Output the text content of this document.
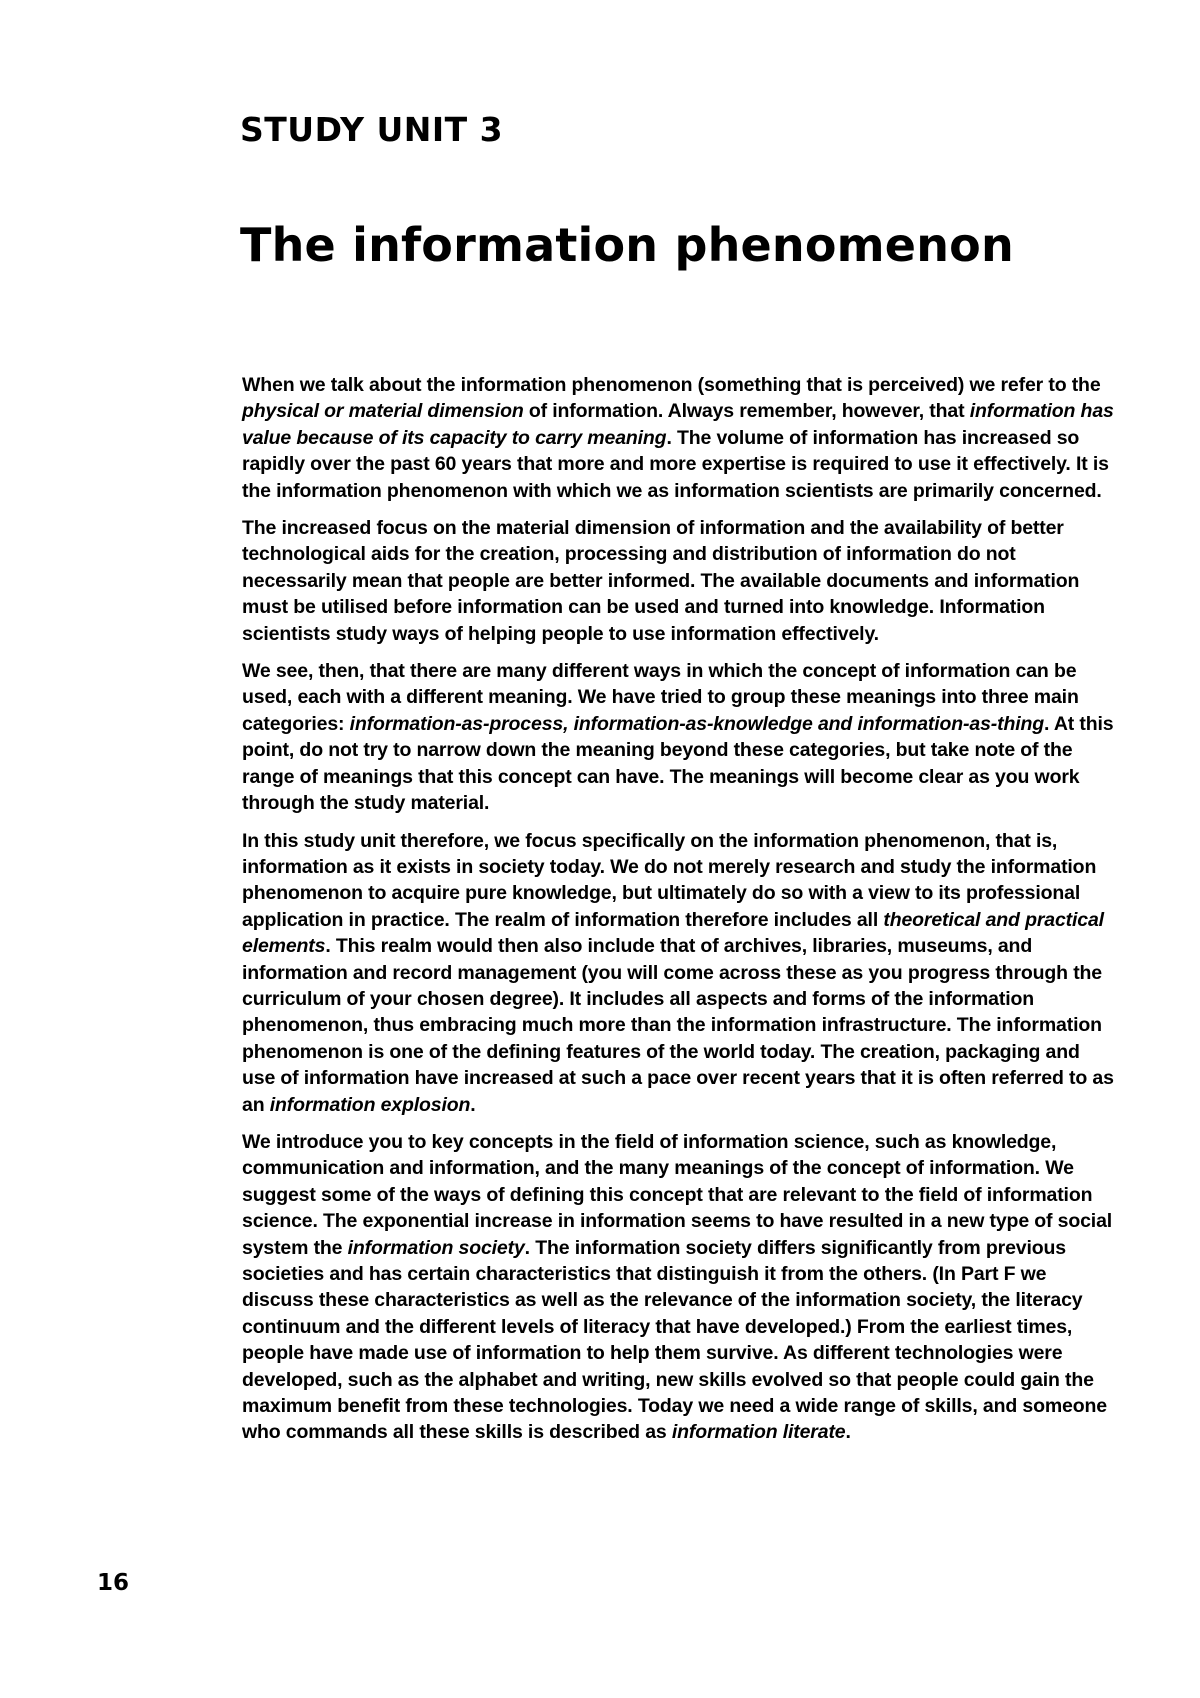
STUDY UNIT 3
The information phenomenon

When we talk about the information phenomenon (something that is perceived) we refer to the physical or material dimension of information. Always remember, however, that information has value because of its capacity to carry meaning. The volume of information has increased so rapidly over the past 60 years that more and more expertise is required to use it effectively. It is the information phenomenon with which we as information scientists are primarily concerned.

The increased focus on the material dimension of information and the availability of better technological aids for the creation, processing and distribution of information do not necessarily mean that people are better informed. The available documents and information must be utilised before information can be used and turned into knowledge. Information scientists study ways of helping people to use information effectively.

We see, then, that there are many different ways in which the concept of information can be used, each with a different meaning. We have tried to group these meanings into three main categories: information-as-process, information-as-knowledge and information-as-thing. At this point, do not try to narrow down the meaning beyond these categories, but take note of the range of meanings that this concept can have. The meanings will become clear as you work through the study material.

In this study unit therefore, we focus specifically on the information phenomenon, that is, information as it exists in society today. We do not merely research and study the information phenomenon to acquire pure knowledge, but ultimately do so with a view to its professional application in practice. The realm of information therefore includes all theoretical and practical elements. This realm would then also include that of archives, libraries, museums, and information and record management (you will come across these as you progress through the curriculum of your chosen degree). It includes all aspects and forms of the information phenomenon, thus embracing much more than the information infrastructure. The information phenomenon is one of the defining features of the world today. The creation, packaging and use of information have increased at such a pace over recent years that it is often referred to as an information explosion.

We introduce you to key concepts in the field of information science, such as knowledge, communication and information, and the many meanings of the concept of information. We suggest some of the ways of defining this concept that are relevant to the field of information science. The exponential increase in information seems to have resulted in a new type of social system the information society. The information society differs significantly from previous societies and has certain characteristics that distinguish it from the others. (In Part F we discuss these characteristics as well as the relevance of the information society, the literacy continuum and the different levels of literacy that have developed.) From the earliest times, people have made use of information to help them survive. As different technologies were developed, such as the alphabet and writing, new skills evolved so that people could gain the maximum benefit from these technologies. Today we need a wide range of skills, and someone who commands all these skills is described as information literate.

16
